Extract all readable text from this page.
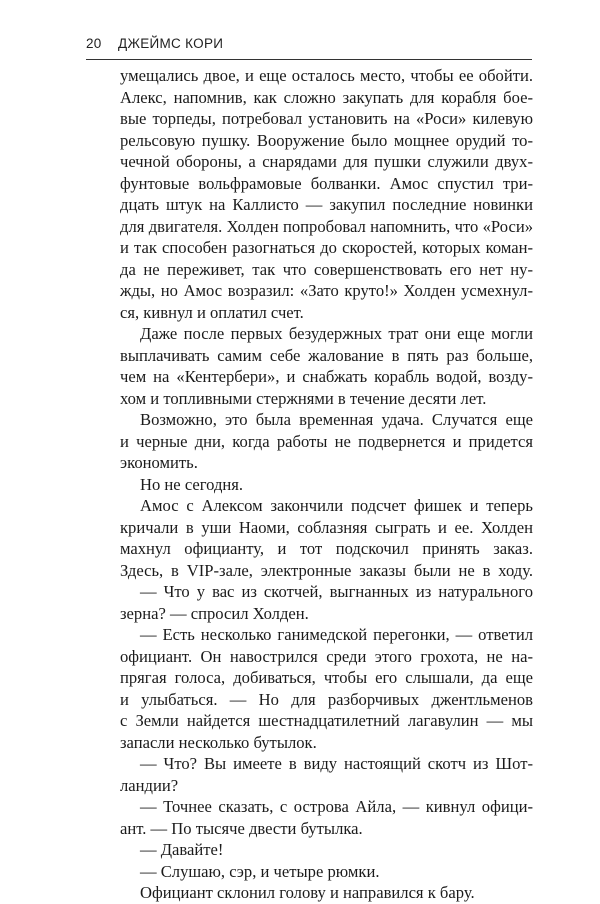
20 ДЖЕЙМС КОРИ
умещались двое, и еще осталось место, чтобы ее обойти.
Алекс, напомнив, как сложно закупать для корабля бое-
вые торпеды, потребовал установить на «Роси» килевую
рельсовую пушку. Вооружение было мощнее орудий то-
чечной обороны, а снарядами для пушки служили двух-
фунтовые вольфрамовые болванки. Амос спустил три-
дцать штук на Каллисто — закупил последние новинки
для двигателя. Холден попробовал напомнить, что «Роси»
и так способен разогнаться до скоростей, которых коман-
да не переживет, так что совершенствовать его нет ну-
жды, но Амос возразил: «Зато круто!» Холден усмехнул-
ся, кивнул и оплатил счет.
Даже после первых безудержных трат они еще могли
выплачивать самим себе жалование в пять раз больше,
чем на «Кентербери», и снабжать корабль водой, возду-
хом и топливными стержнями в течение десяти лет.
Возможно, это была временная удача. Случатся еще
и черные дни, когда работы не подвернется и придется
экономить.
Но не сегодня.
Амос с Алексом закончили подсчет фишек и теперь
кричали в уши Наоми, соблазняя сыграть и ее. Холден
махнул официанту, и тот подскочил принять заказ.
Здесь, в VIP-зале, электронные заказы были не в ходу.
— Что у вас из скотчей, выгнанных из натурального
зерна? — спросил Холден.
— Есть несколько ганимедской перегонки, — ответил
официант. Он навострился среди этого грохота, не на-
прягая голоса, добиваться, чтобы его слышали, да еще
и улыбаться. — Но для разборчивых джентльменов
с Земли найдется шестнадцатилетний лагавулин — мы
запасли несколько бутылок.
— Что? Вы имеете в виду настоящий скотч из Шот-
ландии?
— Точнее сказать, с острова Айла, — кивнул офици-
ант. — По тысяче двести бутылка.
— Давайте!
— Слушаю, сэр, и четыре рюмки.
Официант склонил голову и направился к бару.
